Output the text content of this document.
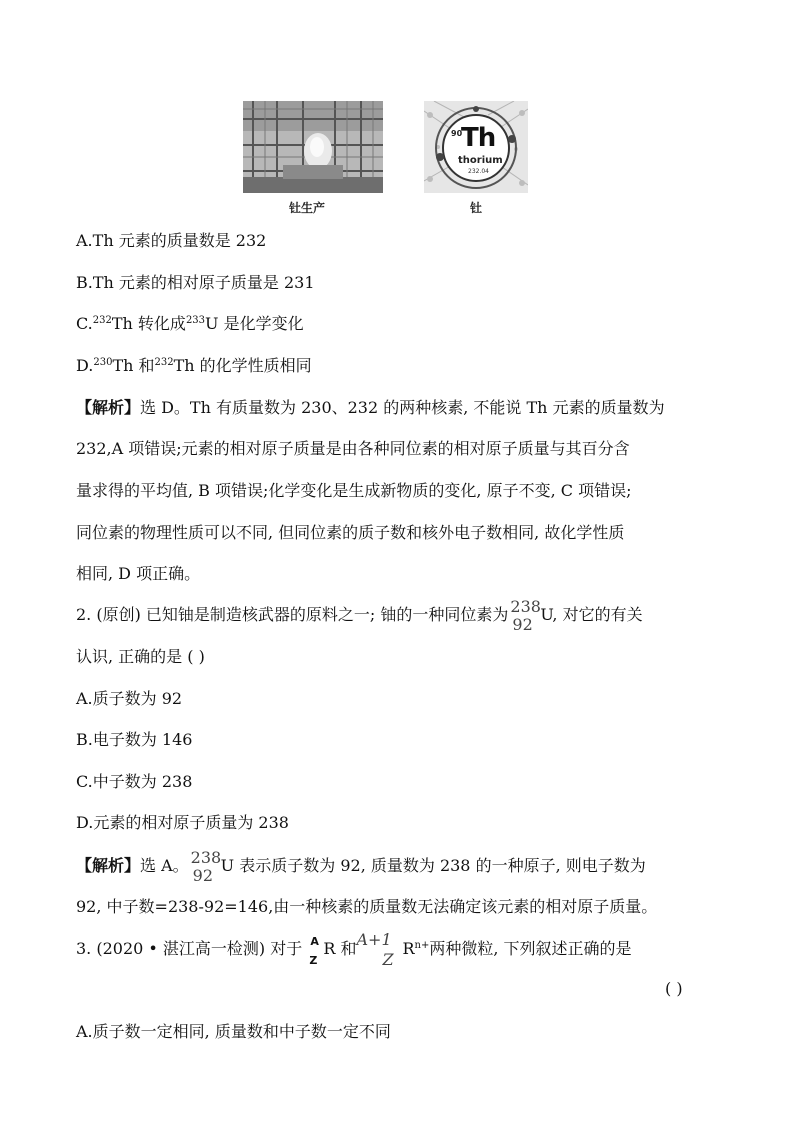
钍生产
90
Th
thorium
232.04
钍
A.Th 元素的质量数是 232
B.Th 元素的相对原子质量是 231
C.$^{232}$Th 转化成$^{233}$U 是化学变化
D.$^{230}$Th 和$^{232}$Th 的化学性质相同
【解析】选 D。Th 有质量数为 230、232 的两种核素, 不能说 Th 元素的质量数为
232,A 项错误;元素的相对原子质量是由各种同位素的相对原子质量与其百分含
量求得的平均值, B 项错误;化学变化是生成新物质的变化, 原子不变, C 项错误;
同位素的物理性质可以不同, 但同位素的质子数和核外电子数相同, 故化学性质
相同, D 项正确。
2. (原创) 已知铀是制造核武器的原料之一; 铀的一种同位素为 238
92 U, 对它的有关
认识, 正确的是 ( )
A.质子数为 92
B.电子数为 146
C.中子数为 238
D.元素的相对原子质量为 238
【解析】选 A。 238
92 U 表示质子数为 92, 质量数为 238 的一种原子, 则电子数为
92, 中子数=238-92=146,由一种核素的质量数无法确定该元素的相对原子质量。
3. (2020 • 湛江高一检测) 对于 A
Z
R 和 A+1
Z
$R^{n+}$两种微粒, 下列叙述正确的是
( )
A.质子数一定相同, 质量数和中子数一定不同
